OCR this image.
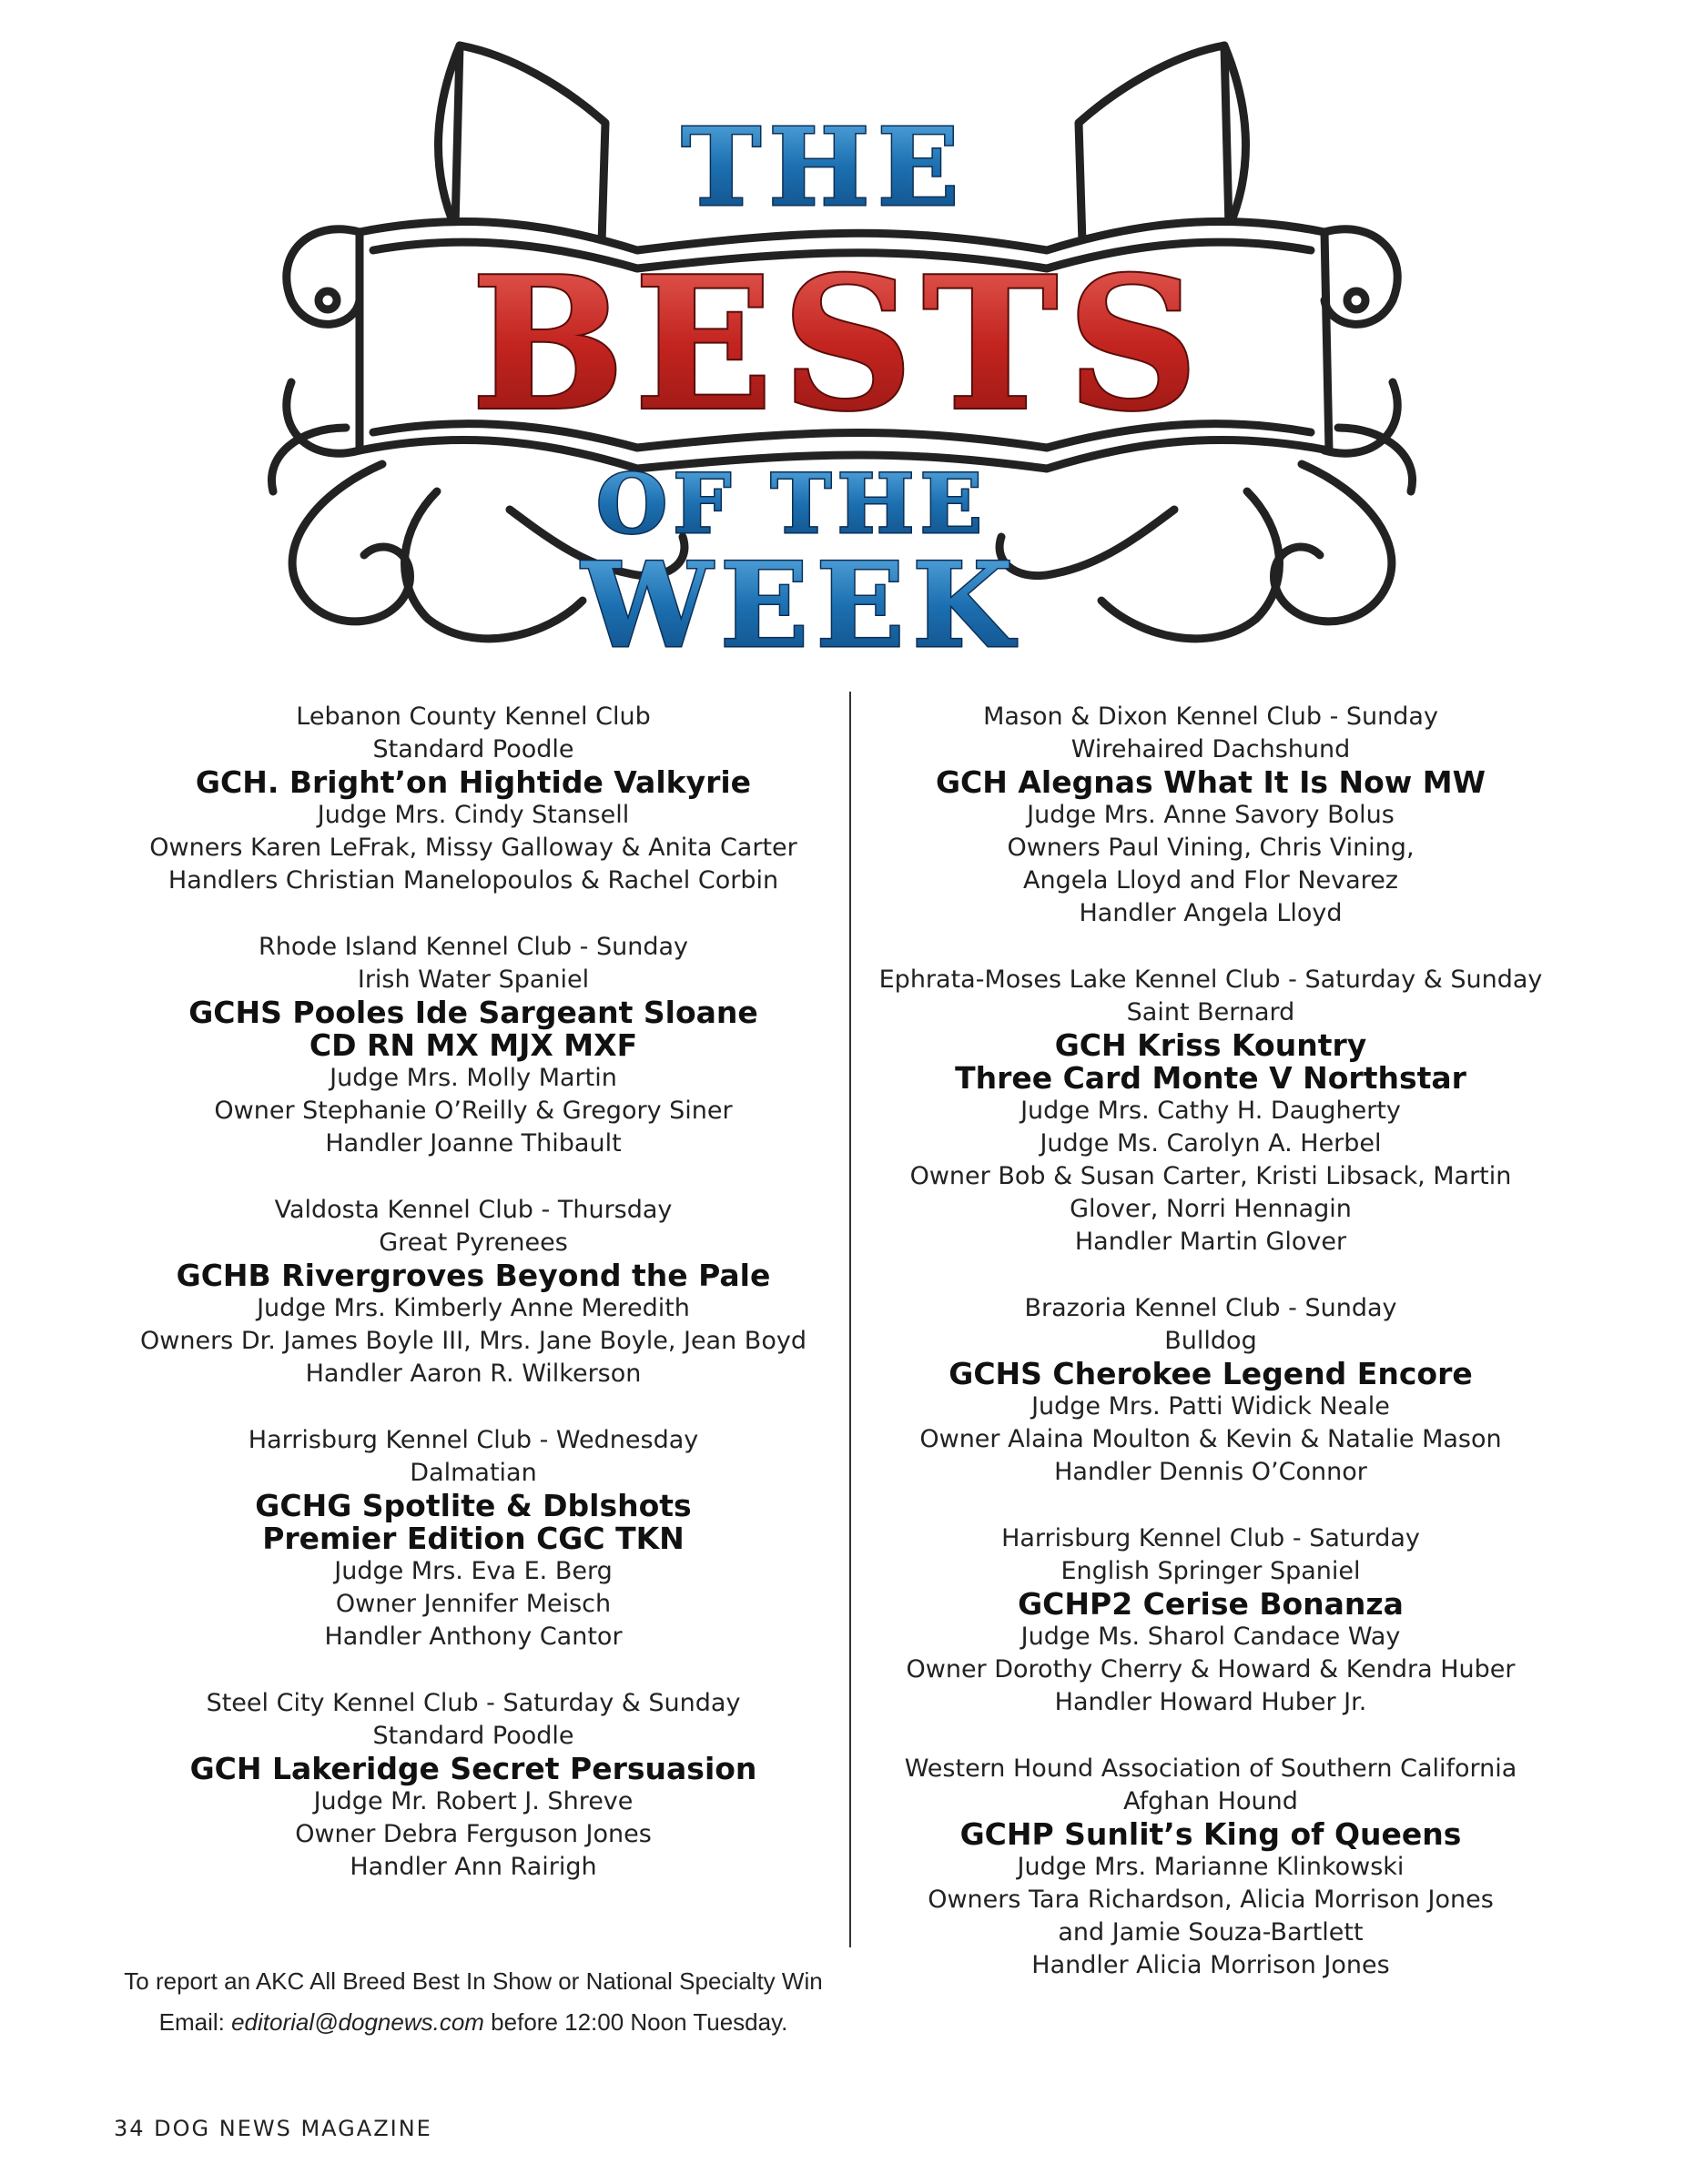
THE
OF THE
WEEK
BESTS
Lebanon County Kennel Club
Standard Poodle
GCH. Bright’on Hightide Valkyrie
Judge Mrs. Cindy Stansell
Owners Karen LeFrak, Missy Galloway & Anita Carter
Handlers Christian Manelopoulos & Rachel Corbin
Rhode Island Kennel Club - Sunday
Irish Water Spaniel
GCHS Pooles Ide Sargeant Sloane
CD RN MX MJX MXF
Judge Mrs. Molly Martin
Owner Stephanie O’Reilly & Gregory Siner
Handler Joanne Thibault
Valdosta Kennel Club - Thursday
Great Pyrenees
GCHB Rivergroves Beyond the Pale
Judge Mrs. Kimberly Anne Meredith
Owners Dr. James Boyle III, Mrs. Jane Boyle, Jean Boyd
Handler Aaron R. Wilkerson
Harrisburg Kennel Club - Wednesday
Dalmatian
GCHG Spotlite & Dblshots
Premier Edition CGC TKN
Judge Mrs. Eva E. Berg
Owner Jennifer Meisch
Handler Anthony Cantor
Steel City Kennel Club - Saturday & Sunday
Standard Poodle
GCH Lakeridge Secret Persuasion
Judge Mr. Robert J. Shreve
Owner Debra Ferguson Jones
Handler Ann Rairigh
Mason & Dixon Kennel Club - Sunday
Wirehaired Dachshund
GCH Alegnas What It Is Now MW
Judge Mrs. Anne Savory Bolus
Owners Paul Vining, Chris Vining,
Angela Lloyd and Flor Nevarez
Handler Angela Lloyd
Ephrata-Moses Lake Kennel Club - Saturday & Sunday
Saint Bernard
GCH Kriss Kountry
Three Card Monte V Northstar
Judge Mrs. Cathy H. Daugherty
Judge Ms. Carolyn A. Herbel
Owner Bob & Susan Carter, Kristi Libsack, Martin
Glover, Norri Hennagin
Handler Martin Glover
Brazoria Kennel Club - Sunday
Bulldog
GCHS Cherokee Legend Encore
Judge Mrs. Patti Widick Neale
Owner Alaina Moulton & Kevin & Natalie Mason
Handler Dennis O’Connor
Harrisburg Kennel Club - Saturday
English Springer Spaniel
GCHP2 Cerise Bonanza
Judge Ms. Sharol Candace Way
Owner Dorothy Cherry & Howard & Kendra Huber
Handler Howard Huber Jr.
Western Hound Association of Southern California
Afghan Hound
GCHP Sunlit’s King of Queens
Judge Mrs. Marianne Klinkowski
Owners Tara Richardson, Alicia Morrison Jones
and Jamie Souza-Bartlett
Handler Alicia Morrison Jones
To report an AKC All Breed Best In Show or National Specialty Win
Email: editorial@dognews.com before 12:00 Noon Tuesday.
34 DOG NEWS MAGAZINE
